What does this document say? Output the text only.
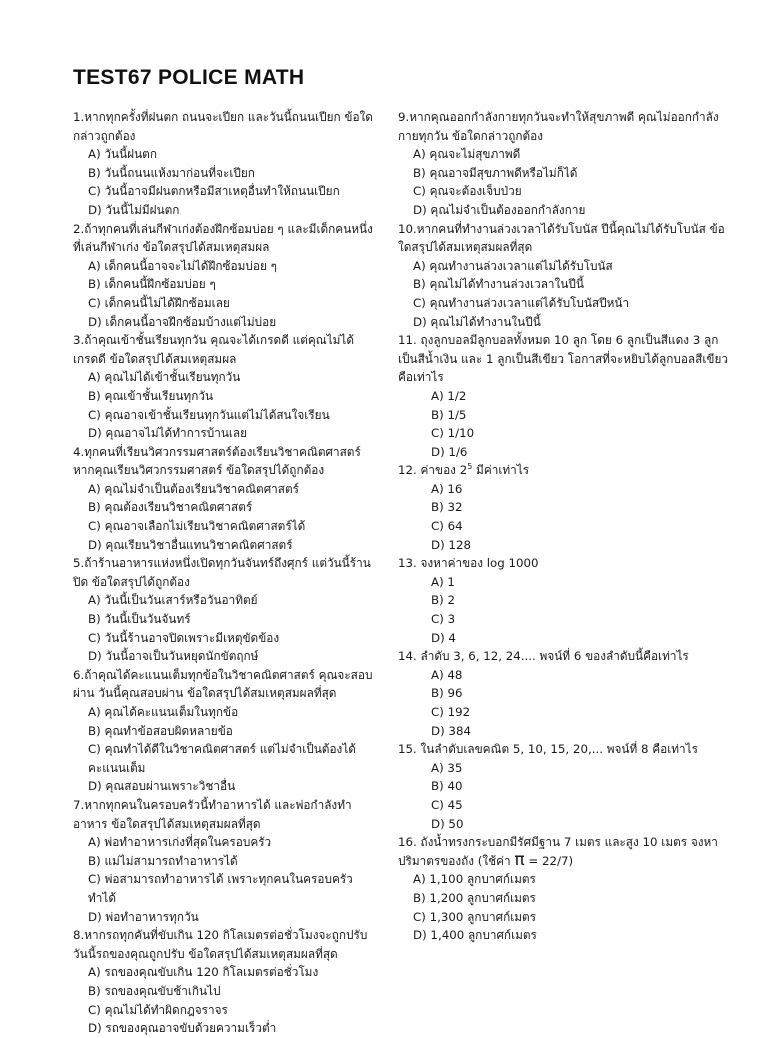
TEST67 POLICE MATH
1.หากทุกครั้งที่ฝนตก ถนนจะเปียก และวันนี้ถนนเปียก ข้อใดกล่าวถูกต้อง
A) วันนี้ฝนตก
B) วันนี้ถนนแห้งมาก่อนที่จะเปียก
C) วันนี้อาจมีฝนตกหรือมีสาเหตุอื่นทำให้ถนนเปียก
D) วันนี้ไม่มีฝนตก
2.ถ้าทุกคนที่เล่นกีฬาเก่งต้องฝึกซ้อมบ่อย ๆ และมีเด็กคนหนึ่งที่เล่นกีฬาเก่ง ข้อใดสรุปได้สมเหตุสมผล
A) เด็กคนนี้อาจจะไม่ได้ฝึกซ้อมบ่อย ๆ
B) เด็กคนนี้ฝึกซ้อมบ่อย ๆ
C) เด็กคนนี้ไม่ได้ฝึกซ้อมเลย
D) เด็กคนนี้อาจฝึกซ้อมบ้างแต่ไม่บ่อย
3.ถ้าคุณเข้าชั้นเรียนทุกวัน คุณจะได้เกรดดี แต่คุณไม่ได้เกรดดี ข้อใดสรุปได้สมเหตุสมผล
A) คุณไม่ได้เข้าชั้นเรียนทุกวัน
B) คุณเข้าชั้นเรียนทุกวัน
C) คุณอาจเข้าชั้นเรียนทุกวันแต่ไม่ได้สนใจเรียน
D) คุณอาจไม่ได้ทำการบ้านเลย
4.ทุกคนที่เรียนวิศวกรรมศาสตร์ต้องเรียนวิชาคณิตศาสตร์ หากคุณเรียนวิศวกรรมศาสตร์ ข้อใดสรุปได้ถูกต้อง
A) คุณไม่จำเป็นต้องเรียนวิชาคณิตศาสตร์
B) คุณต้องเรียนวิชาคณิตศาสตร์
C) คุณอาจเลือกไม่เรียนวิชาคณิตศาสตร์ได้
D) คุณเรียนวิชาอื่นแทนวิชาคณิตศาสตร์
5.ถ้าร้านอาหารแห่งหนึ่งเปิดทุกวันจันทร์ถึงศุกร์ แต่วันนี้ร้านปิด ข้อใดสรุปได้ถูกต้อง
A) วันนี้เป็นวันเสาร์หรือวันอาทิตย์
B) วันนี้เป็นวันจันทร์
C) วันนี้ร้านอาจปิดเพราะมีเหตุขัดข้อง
D) วันนี้อาจเป็นวันหยุดนักขัตฤกษ์
6.ถ้าคุณได้คะแนนเต็มทุกข้อในวิชาคณิตศาสตร์ คุณจะสอบผ่าน วันนี้คุณสอบผ่าน ข้อใดสรุปได้สมเหตุสมผลที่สุด
A) คุณได้คะแนนเต็มในทุกข้อ
B) คุณทำข้อสอบผิดหลายข้อ
C) คุณทำได้ดีในวิชาคณิตศาสตร์ แต่ไม่จำเป็นต้องได้คะแนนเต็ม
D) คุณสอบผ่านเพราะวิชาอื่น
7.หากทุกคนในครอบครัวนี้ทำอาหารได้ และพ่อกำลังทำอาหาร ข้อใดสรุปได้สมเหตุสมผลที่สุด
A) พ่อทำอาหารเก่งที่สุดในครอบครัว
B) แม่ไม่สามารถทำอาหารได้
C) พ่อสามารถทำอาหารได้ เพราะทุกคนในครอบครัวทำได้
D) พ่อทำอาหารทุกวัน
8.หากรถทุกคันที่ขับเกิน 120 กิโลเมตรต่อชั่วโมงจะถูกปรับ วันนี้รถของคุณถูกปรับ ข้อใดสรุปได้สมเหตุสมผลที่สุด
A) รถของคุณขับเกิน 120 กิโลเมตรต่อชั่วโมง
B) รถของคุณขับช้าเกินไป
C) คุณไม่ได้ทำผิดกฎจราจร
D) รถของคุณอาจขับด้วยความเร็วต่ำ
9.หากคุณออกกำลังกายทุกวันจะทำให้สุขภาพดี คุณไม่ออกกำลังกายทุกวัน ข้อใดกล่าวถูกต้อง
A) คุณจะไม่สุขภาพดี
B) คุณอาจมีสุขภาพดีหรือไม่ก็ได้
C) คุณจะต้องเจ็บป่วย
D) คุณไม่จำเป็นต้องออกกำลังกาย
10.หากคนที่ทำงานล่วงเวลาได้รับโบนัส ปีนี้คุณไม่ได้รับโบนัส ข้อใดสรุปได้สมเหตุสมผลที่สุด
A) คุณทำงานล่วงเวลาแต่ไม่ได้รับโบนัส
B) คุณไม่ได้ทำงานล่วงเวลาในปีนี้
C) คุณทำงานล่วงเวลาแต่ได้รับโบนัสปีหน้า
D) คุณไม่ได้ทำงานในปีนี้
11. ถุงลูกบอลมีลูกบอลทั้งหมด 10 ลูก โดย 6 ลูกเป็นสีแดง 3 ลูกเป็นสีน้ำเงิน และ 1 ลูกเป็นสีเขียว โอกาสที่จะหยิบได้ลูกบอลสีเขียวคือเท่าไร
A) 1/2
B) 1/5
C) 1/10
D) 1/6
12. ค่าของ $2^5$ มีค่าเท่าไร
A) 16
B) 32
C) 64
D) 128
13. จงหาค่าของ log 1000
A) 1
B) 2
C) 3
D) 4
14. ลำดับ 3, 6, 12, 24.... พจน์ที่ 6 ของลำดับนี้คือเท่าไร
A) 48
B) 96
C) 192
D) 384
15. ในลำดับเลขคณิต 5, 10, 15, 20,... พจน์ที่ 8 คือเท่าไร
A) 35
B) 40
C) 45
D) 50
16. ถังน้ำทรงกระบอกมีรัศมีฐาน 7 เมตร และสูง 10 เมตร จงหาปริมาตรของถัง (ใช้ค่า π = 22/7)
A) 1,100 ลูกบาศก์เมตร
B) 1,200 ลูกบาศก์เมตร
C) 1,300 ลูกบาศก์เมตร
D) 1,400 ลูกบาศก์เมตร
